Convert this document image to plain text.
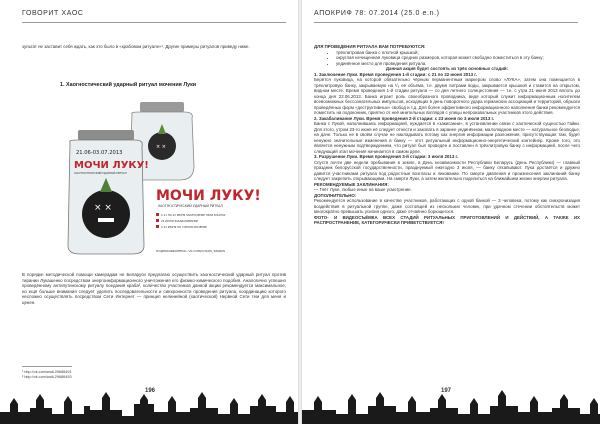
ГОВОРИТ ХАОС
зультат не заставит себя ждать, как это было в «крабовом ритуале»¹. Другие примеры ритуалов приведу ниже.
1. Хаогностический ударный ритуал мочения Луки
× ×
21.06-03.07.2013
МОЧИ ЛУКУ!
ХАОГНОСТИЧЕСКИЙ УДАРНЫЙ РИТУАЛ
× ×
МОЧИ ЛУКУ!
ХАОГНОСТИЧЕСКИЙ УДАРНЫЙ РИТУАЛ
С 21 ПО 22 ИЮНЯ ЗАКЛЮЧЕНИЕ ЛУКИ В БАНКУ
23 ИЮНЯ ЗАКАБАЛИВАНИЕ
С 24 ИЮНЯ ПО 3 ИЮЛЯ МОЧЕНИЕ
ПОДПИСЫВАЙТЕСЬ: VK.COM/CHAOS_SPARKS
В порядке методической помощи камерадам не Беларуси предлагаю осуществить хаогностический ударный ритуал против тирании Лукашенко посредством энергоинформационного уничтожения его физико-химического подобия. Аналогично успешно проведённому антипутинскому ритуалу поедания краба², количество участников данной акции рекомендуется максимальное, но ещё больше внимания следует уделить последовательности и синхронности проведения ритуала, координацию которого несложно осуществлять посредством Сети Интернет — принцип нелинейной (хаотической) Нервной Сети тем для меня и ценен.
¹ http://vk.com/wall-29686491
² http://vk.com/wall-29686493
196
АПОКРИФ 78: 07.2014 (25.0 e.n.)
ДЛЯ ПРОВЕДЕНИЯ РИТУАЛА ВАМ ПОТРЕБУЮТСЯ:
• трёхлитровая банка с плотной крышкой;
• округлая нечищенная луковица средних размеров, которая может свободно поместиться в эту банку;
• уединённое место для проведения ритуала.
Данная акция будет состоять из трёх основных стадий:
1. Заключение Луки. Время проведения 1-й стадии: с 21 по 22 июня 2013 г.
Берётся луковица, на которой обязательно чёрным перманентным маркером слово «ЛУКА», затем она помещается в трёхлитровую банку, закрываемую на ¹/₆ её объёма, т.е. двумя литрами воды, закрывается крышкой и ставится на открытом, видном месте. Время проведения 1-й стадии ритуала — со дня летнего солнцестояния — т.е. с утра 21 июня 2013 вплоть до конца дня 22.06.2013. Банка играет роль своеобразного проводника, видя который служит информационным носителем всевозможных бессознательных импульсов, исходящих в день поворотного удара германских ассоциаций и территорий, обрызги проведённых форм «деструктивных» свобод и т.д. Для более эффективного информационного наполнения банки рекомендуется поместить на подоконник, приятно от неё мнительных взглядов с улицы непроизвольных участников этого действия.
2. Закабаливание Луки. Время проведения 2-й стадии: с 23 июня по 3 июля 2013 г.
Банка с Лукой, наполнившись информацией, нуждается в «закисании», в установлении связи с хаотической сущностью Гайки. Для этого, утром 23-го июня её следует отнести и закопать в заранее уединённом, малолюдном месте — натуральное безлюдье, на даче. Только не в своём случае не накладывать потому как энергия информации разложения, присутствующая там, будет ненужно значительные изменения в банку — этот ритуальный информационно-энергетический контейнер. Кроме того, это является ненужным подтверждением, что ритуал был проведён и поставлен в трёхлитровую банку с информацией, после чего следующий этап мочения начинается в самом деле.
3. Разрушение Луки. Время проведения 3-й стадии: 3 июля 2013 г.
Спустя почти две недели пребывания в земле, в День независимости Республики Беларусь (День Республики) — главный праздник белорусской государственности, празднуемый ежегодно 3 июля, — банку откапывают. Лука достаётся и дружно давится участниками ритуала под радостные возгласы и ликование. По смерти давления и произнесения заклинаний банку следует закрепить открывающими. На смерти Луки, а затем желательно поделиться на ближайшем жизни энергии ритуала.
РЕКОМЕНДУЕМЫЕ ЗАКЛИНАНИЯ:
— Гнёт Луке, любые иные на ваше усмотрение.
ДОПОЛНИТЕЛЬНО:
Рекомендуется использование в качестве участников, работающих с одной банкой — 3 человека, потому как синхронизация воздействия в ритуальной группе, даже состоящей из нескольких человек, при удачном стечении обстоятельств может многократно превышать усилия одного, даже отчаянно борющегося.
ФОТО- И ВИДЕОСЪЁМКА ВСЕХ СТАДИЙ РИТУАЛЬНЫХ ПРИГОТОВЛЕНИЙ И ДЕЙСТВИЙ, А ТАКЖЕ ИХ РАСПРОСТРАНЕНИЕ, КАТЕГОРИЧЕСКИ ПРИВЕТСТВУЕТСЯ!
197
